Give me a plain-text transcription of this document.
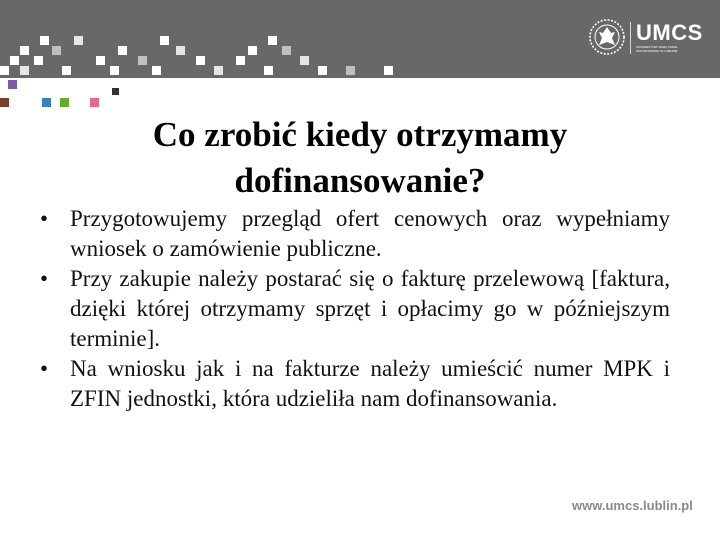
UMCS
UNIWERSYTET MARII CURIE-SKŁODOWSKIEJ W LUBLINIE
Co zrobić kiedy otrzymamy dofinansowanie?
• Przygotowujemy przegląd ofert cenowych oraz wypełniamy wniosek o zamówienie publiczne.
• Przy zakupie należy postarać się o fakturę przelewową [faktura, dzięki której otrzymamy sprzęt i opłacimy go w późniejszym terminie].
• Na wniosku jak i na fakturze należy umieścić numer MPK i ZFIN jednostki, która udzieliła nam dofinansowania.
www.umcs.lublin.pl
